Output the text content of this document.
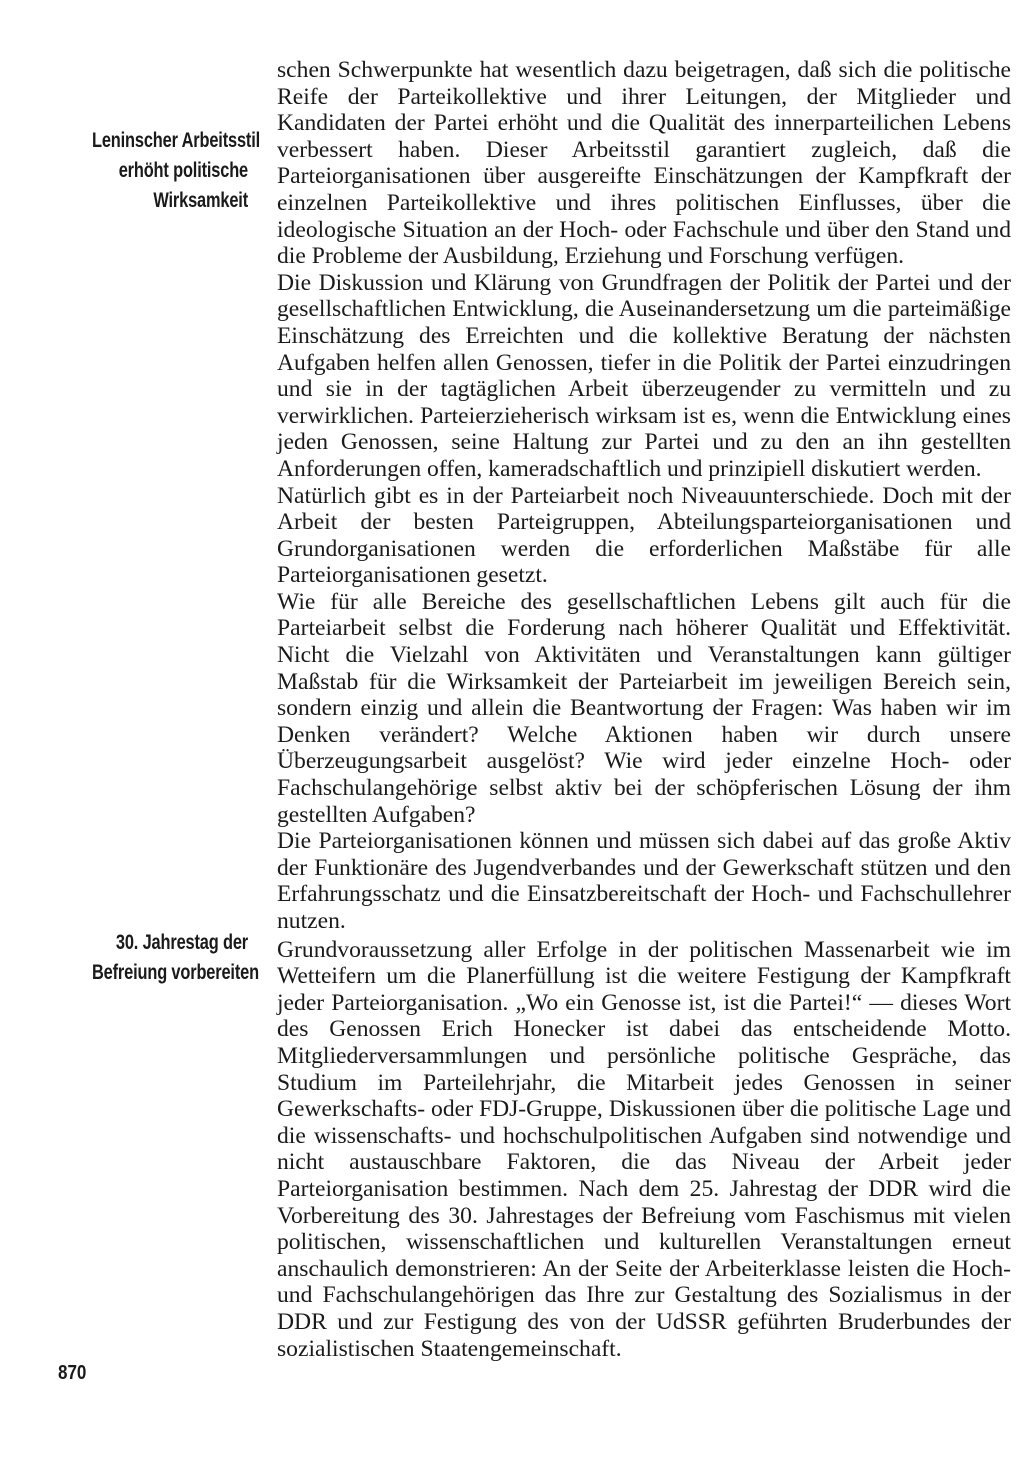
Leninscher Arbeitsstil
erhöht politische
Wirksamkeit
30. Jahrestag der
Befreiung vorbereiten

schen Schwerpunkte hat wesentlich dazu beigetragen, daß sich die politische Reife der Parteikollektive und ihrer Leitungen, der Mitglieder und Kandidaten der Partei erhöht und die Qualität des innerparteilichen Lebens verbessert haben. Dieser Arbeitsstil garantiert zugleich, daß die Parteiorganisationen über ausgereifte Einschätzungen der Kampfkraft der einzelnen Parteikollektive und ihres politischen Einflusses, über die ideologische Situation an der Hoch- oder Fachschule und über den Stand und die Probleme der Ausbildung, Erziehung und Forschung verfügen.

Die Diskussion und Klärung von Grundfragen der Politik der Partei und der gesellschaftlichen Entwicklung, die Auseinandersetzung um die parteimäßige Einschätzung des Erreichten und die kollektive Beratung der nächsten Aufgaben helfen allen Genossen, tiefer in die Politik der Partei einzudringen und sie in der tagtäglichen Arbeit überzeugender zu vermitteln und zu verwirklichen. Parteierzieherisch wirksam ist es, wenn die Entwicklung eines jeden Genossen, seine Haltung zur Partei und zu den an ihn gestellten Anforderungen offen, kameradschaftlich und prinzipiell diskutiert werden.

Natürlich gibt es in der Parteiarbeit noch Niveauunterschiede. Doch mit der Arbeit der besten Parteigruppen, Abteilungsparteiorganisationen und Grundorganisationen werden die erforderlichen Maßstäbe für alle Parteiorganisationen gesetzt.

Wie für alle Bereiche des gesellschaftlichen Lebens gilt auch für die Parteiarbeit selbst die Forderung nach höherer Qualität und Effektivität. Nicht die Vielzahl von Aktivitäten und Veranstaltungen kann gültiger Maßstab für die Wirksamkeit der Parteiarbeit im jeweiligen Bereich sein, sondern einzig und allein die Beantwortung der Fragen: Was haben wir im Denken verändert? Welche Aktionen haben wir durch unsere Überzeugungsarbeit ausgelöst? Wie wird jeder einzelne Hoch- oder Fachschulangehörige selbst aktiv bei der schöpferischen Lösung der ihm gestellten Aufgaben?

Die Parteiorganisationen können und müssen sich dabei auf das große Aktiv der Funktionäre des Jugendverbandes und der Gewerkschaft stützen und den Erfahrungsschatz und die Einsatzbereitschaft der Hoch- und Fachschullehrer nutzen.

Grundvoraussetzung aller Erfolge in der politischen Massenarbeit wie im Wetteifern um die Planerfüllung ist die weitere Festigung der Kampfkraft jeder Parteiorganisation. „Wo ein Genosse ist, ist die Partei!“ — dieses Wort des Genossen Erich Honecker ist dabei das entscheidende Motto. Mitgliederversammlungen und persönliche politische Gespräche, das Studium im Parteilehrjahr, die Mitarbeit jedes Genossen in seiner Gewerkschafts- oder FDJ-Gruppe, Diskussionen über die politische Lage und die wissenschafts- und hochschulpolitischen Aufgaben sind notwendige und nicht austauschbare Faktoren, die das Niveau der Arbeit jeder Parteiorganisation bestimmen. Nach dem 25. Jahrestag der DDR wird die Vorbereitung des 30. Jahrestages der Befreiung vom Faschismus mit vielen politischen, wissenschaftlichen und kulturellen Veranstaltungen erneut anschaulich demonstrieren: An der Seite der Arbeiterklasse leisten die Hoch- und Fachschulangehörigen das Ihre zur Gestaltung des Sozialismus in der DDR und zur Festigung des von der UdSSR geführten Bruderbundes der sozialistischen Staatengemeinschaft.

870
